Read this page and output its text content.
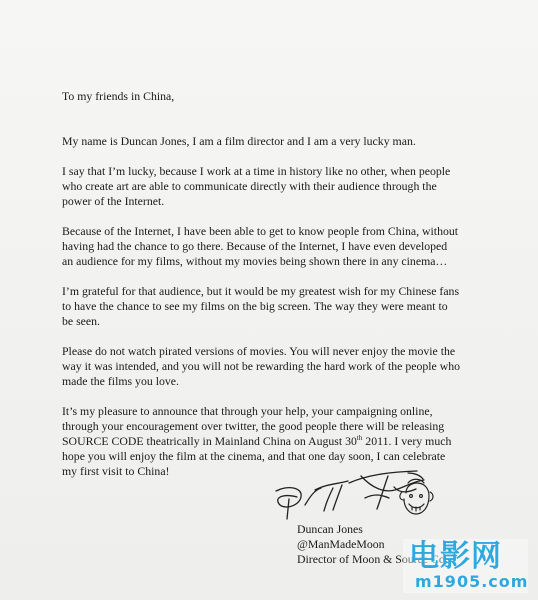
To my friends in China,

My name is Duncan Jones, I am a film director and I am a very lucky man.

I say that I’m lucky, because I work at a time in history like no other, when people
who create art are able to communicate directly with their audience through the
power of the Internet.

Because of the Internet, I have been able to get to know people from China, without
having had the chance to go there. Because of the Internet, I have even developed
an audience for my films, without my movies being shown there in any cinema…

I’m grateful for that audience, but it would be my greatest wish for my Chinese fans
to have the chance to see my films on the big screen. The way they were meant to
be seen.

Please do not watch pirated versions of movies. You will never enjoy the movie the
way it was intended, and you will not be rewarding the hard work of the people who
made the films you love.

It’s my pleasure to announce that through your help, your campaigning online,
through your encouragement over twitter, the good people there will be releasing
SOURCE CODE theatrically in Mainland China on August 30th 2011. I very much
hope you will enjoy the film at the cinema, and that one day soon, I can celebrate
my first visit to China!

Duncan Jones
@ManMadeMoon
Director of Moon & Source Co
电影网
m1905.com
